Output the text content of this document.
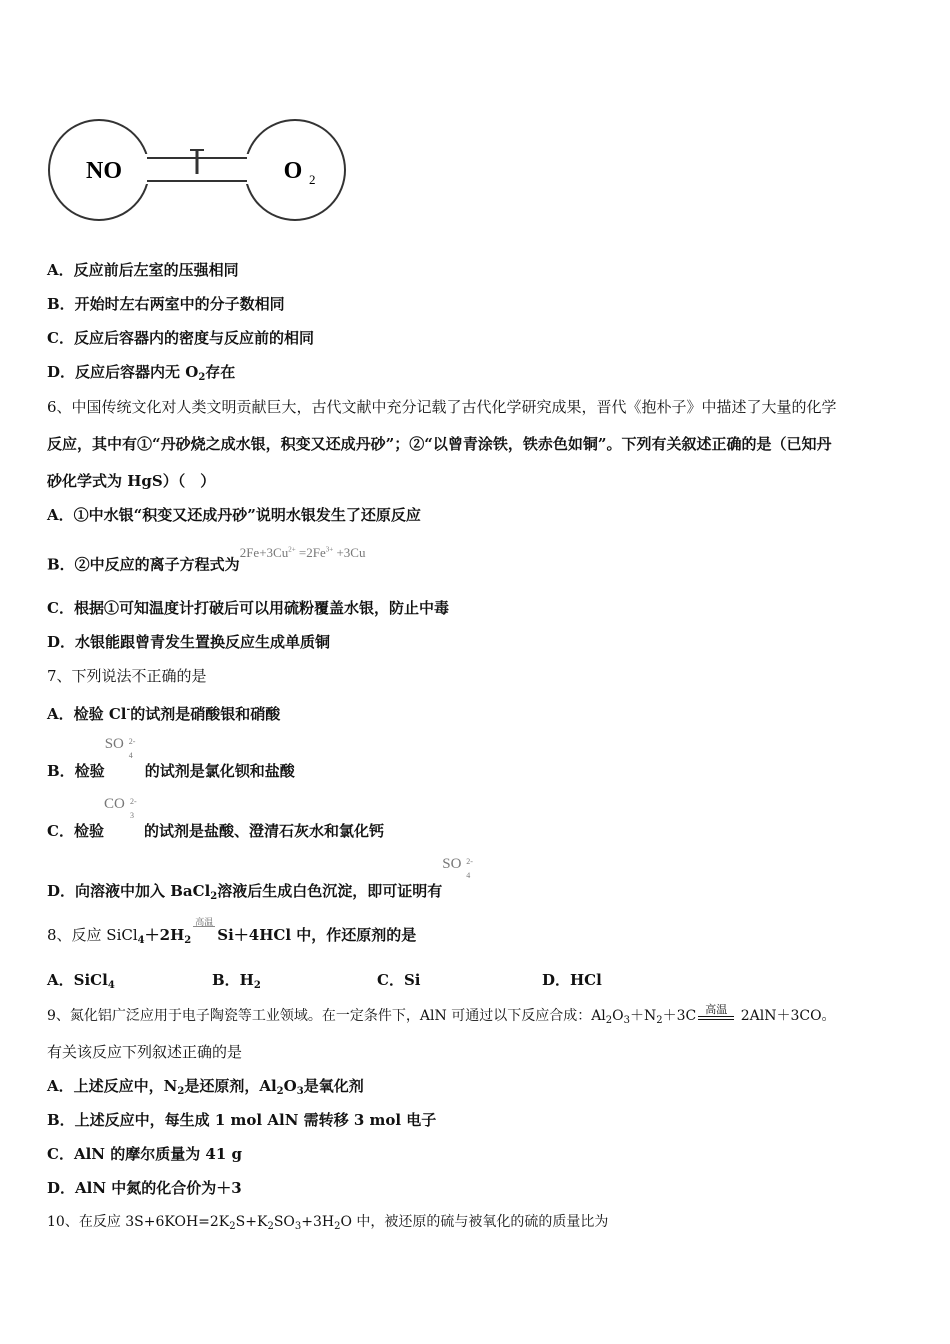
NO	O 2
A．反应前后左室的压强相同
B．开始时左右两室中的分子数相同
C．反应后容器内的密度与反应前的相同
D．反应后容器内无 $O_2$存在
6、中国传统文化对人类文明贡献巨大，古代文献中充分记载了古代化学研究成果，晋代《抱朴子》中描述了大量的化学
反应，其中有①“丹砂烧之成水银，积变又还成丹砂”；②“以曾青涂铁，铁赤色如铜”。下列有关叙述正确的是（已知丹
砂化学式为 HgS）（　）
A．①中水银“积变又还成丹砂”说明水银发生了还原反应
B．②中反应的离子方程式为$2Fe+3Cu^{2+} =2Fe^{3+} +3Cu$
C．根据①可知温度计打破后可以用硫粉覆盖水银，防止中毒
D．水银能跟曾青发生置换反应生成单质铜
7、下列说法不正确的是
A．检验 Cl-的试剂是硝酸银和硝酸
B．检验
SO 2-
4
的试剂是氯化钡和盐酸
C．检验
CO 2-
3
的试剂是盐酸、澄清石灰水和氯化钙
D．向溶液中加入 BaCl$_2$溶液后生成白色沉淀，即可证明有
SO 2-
4
8、反应 $SiCl_4+2H_2$
高温
Si＋4HCl 中，作还原剂的是
A．SiCl$_4$	B．$H_2$	C．Si	D．HCl
9、氮化铝广泛应用于电子陶瓷等工业领域。在一定条件下，AlN 可通过以下反应合成：$Al_2O_3+N_2+3C$ 高温 2AlN＋3CO。
有关该反应下列叙述正确的是
A．上述反应中，$N_2$是还原剂，$Al_2O_3$是氧化剂
B．上述反应中，每生成 1 mol AlN 需转移 3 mol 电子
C．AlN 的摩尔质量为 41 g
D．AlN 中氮的化合价为＋3
10、在反应 $3S+6KOH=2K_2S+K_2SO_3+3H_2O$ 中，被还原的硫与被氧化的硫的质量比为
